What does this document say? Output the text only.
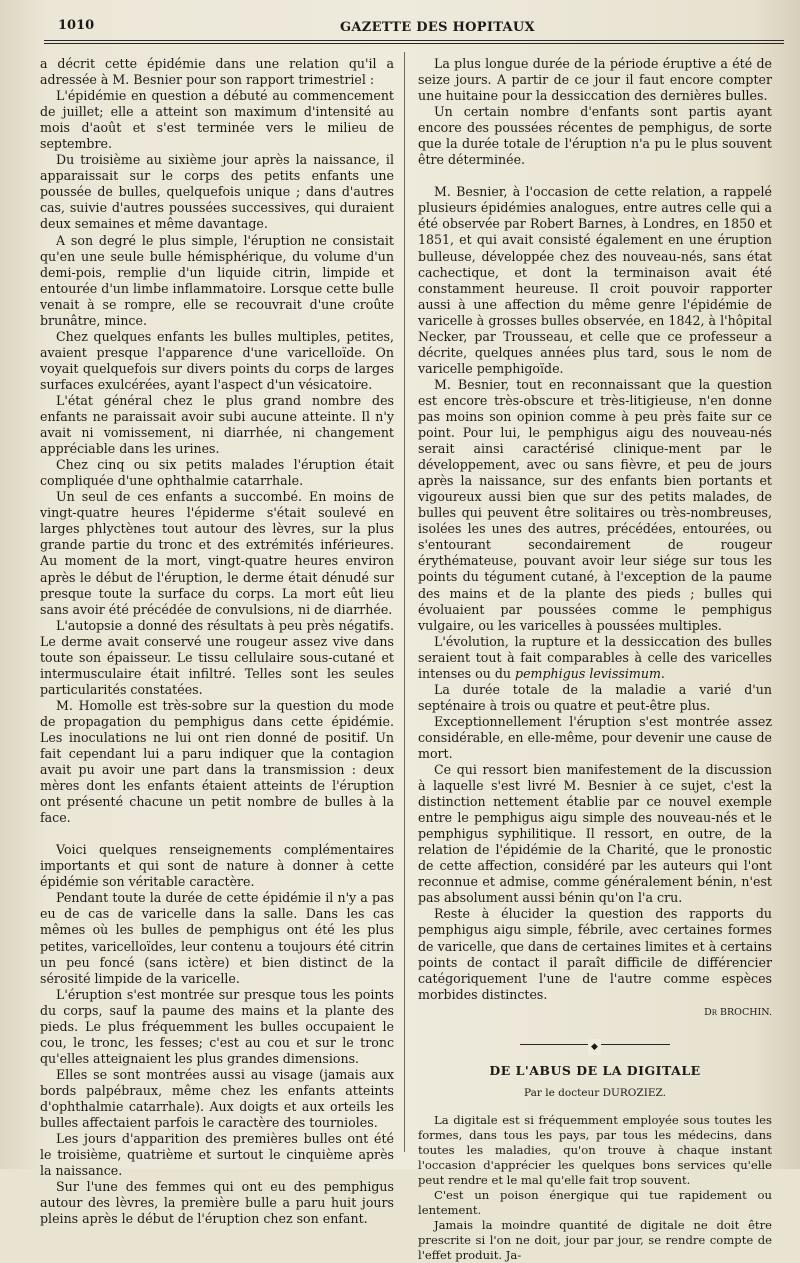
1010	GAZETTE DES HOPITAUX

a décrit cette épidémie dans une relation qu'il a adressée à M. Besnier pour son rapport trimestriel :

L'épidémie en question a débuté au commencement de juillet; elle a atteint son maximum d'intensité au mois d'août et s'est terminée vers le milieu de septembre.

Du troisième au sixième jour après la naissance, il apparaissait sur le corps des petits enfants une poussée de bulles, quelquefois unique ; dans d'autres cas, suivie d'autres poussées successives, qui duraient deux semaines et même davantage.

A son degré le plus simple, l'éruption ne consistait qu'en une seule bulle hémisphérique, du volume d'un demi-pois, remplie d'un liquide citrin, limpide et entourée d'un limbe inflammatoire. Lorsque cette bulle venait à se rompre, elle se recouvrait d'une croûte brunâtre, mince.

Chez quelques enfants les bulles multiples, petites, avaient presque l'apparence d'une varicelloïde. On voyait quelquefois sur divers points du corps de larges surfaces exulcérées, ayant l'aspect d'un vésicatoire.

L'état général chez le plus grand nombre des enfants ne paraissait avoir subi aucune atteinte. Il n'y avait ni vomissement, ni diarrhée, ni changement appréciable dans les urines.

Chez cinq ou six petits malades l'éruption était compliquée d'une ophthalmie catarrhale.

Un seul de ces enfants a succombé. En moins de vingt-quatre heures l'épiderme s'était soulevé en larges phlyctènes tout autour des lèvres, sur la plus grande partie du tronc et des extrémités inférieures. Au moment de la mort, vingt-quatre heures environ après le début de l'éruption, le derme était dénudé sur presque toute la surface du corps. La mort eût lieu sans avoir été précédée de convulsions, ni de diarrhée.

L'autopsie a donné des résultats à peu près négatifs. Le derme avait conservé une rougeur assez vive dans toute son épaisseur. Le tissu cellulaire sous-cutané et intermusculaire était infiltré. Telles sont les seules particularités constatées.

M. Homolle est très-sobre sur la question du mode de propagation du pemphigus dans cette épidémie. Les inoculations ne lui ont rien donné de positif. Un fait cependant lui a paru indiquer que la contagion avait pu avoir une part dans la transmission : deux mères dont les enfants étaient atteints de l'éruption ont présenté chacune un petit nombre de bulles à la face.

Voici quelques renseignements complémentaires importants et qui sont de nature à donner à cette épidémie son véritable caractère.

Pendant toute la durée de cette épidémie il n'y a pas eu de cas de varicelle dans la salle. Dans les cas mêmes où les bulles de pemphigus ont été les plus petites, varicelloïdes, leur contenu a toujours été citrin un peu foncé (sans ictère) et bien distinct de la sérosité limpide de la varicelle.

L'éruption s'est montrée sur presque tous les points du corps, sauf la paume des mains et la plante des pieds. Le plus fréquemment les bulles occupaient le cou, le tronc, les fesses; c'est au cou et sur le tronc qu'elles atteignaient les plus grandes dimensions.

Elles se sont montrées aussi au visage (jamais aux bords palpébraux, même chez les enfants atteints d'ophthalmie catarrhale). Aux doigts et aux orteils les bulles affectaient parfois le caractère des tournioles.

Les jours d'apparition des premières bulles ont été le troisième, quatrième et surtout le cinquième après la naissance.

Sur l'une des femmes qui ont eu des pemphigus autour des lèvres, la première bulle a paru huit jours pleins après le début de l'éruption chez son enfant.

La plus longue durée de la période éruptive a été de seize jours. A partir de ce jour il faut encore compter une huitaine pour la dessiccation des dernières bulles.

Un certain nombre d'enfants sont partis ayant encore des poussées récentes de pemphigus, de sorte que la durée totale de l'éruption n'a pu le plus souvent être déterminée.

M. Besnier, à l'occasion de cette relation, a rappelé plusieurs épidémies analogues, entre autres celle qui a été observée par Robert Barnes, à Londres, en 1850 et 1851, et qui avait consisté également en une éruption bulleuse, développée chez des nouveau-nés, sans état cachectique, et dont la terminaison avait été constamment heureuse. Il croit pouvoir rapporter aussi à une affection du même genre l'épidémie de varicelle à grosses bulles observée, en 1842, à l'hôpital Necker, par Trousseau, et celle que ce professeur a décrite, quelques années plus tard, sous le nom de varicelle pemphigoïde.

M. Besnier, tout en reconnaissant que la question est encore très-obscure et très-litigieuse, n'en donne pas moins son opinion comme à peu près faite sur ce point. Pour lui, le pemphigus aigu des nouveau-nés serait ainsi caractérisé clinique-ment par le développement, avec ou sans fièvre, et peu de jours après la naissance, sur des enfants bien portants et vigoureux aussi bien que sur des petits malades, de bulles qui peuvent être solitaires ou très-nombreuses, isolées les unes des autres, précédées, entourées, ou s'entourant secondairement de rougeur érythémateuse, pouvant avoir leur siége sur tous les points du tégument cutané, à l'exception de la paume des mains et de la plante des pieds ; bulles qui évoluaient par poussées comme le pemphigus vulgaire, ou les varicelles à poussées multiples.

L'évolution, la rupture et la dessiccation des bulles seraient tout à fait comparables à celle des varicelles intenses ou du pemphigus levissimum.

La durée totale de la maladie a varié d'un septénaire à trois ou quatre et peut-être plus.

Exceptionnellement l'éruption s'est montrée assez considérable, en elle-même, pour devenir une cause de mort.

Ce qui ressort bien manifestement de la discussion à laquelle s'est livré M. Besnier à ce sujet, c'est la distinction nettement établie par ce nouvel exemple entre le pemphigus aigu simple des nouveau-nés et le pemphigus syphilitique. Il ressort, en outre, de la relation de l'épidémie de la Charité, que le pronostic de cette affection, considéré par les auteurs qui l'ont reconnue et admise, comme généralement bénin, n'est pas absolument aussi bénin qu'on l'a cru.

Reste à élucider la question des rapports du pemphigus aigu simple, fébrile, avec certaines formes de varicelle, que dans de certaines limites et à certains points de contact il paraît difficile de différencier catégoriquement l'une de l'autre comme espèces morbides distinctes.

Dr BROCHIN.
◆
DE L'ABUS DE LA DIGITALE
Par le docteur DUROZIEZ.

La digitale est si fréquemment employée sous toutes les formes, dans tous les pays, par tous les médecins, dans toutes les maladies, qu'on trouve à chaque instant l'occasion d'apprécier les quelques bons services qu'elle peut rendre et le mal qu'elle fait trop souvent.

C'est un poison énergique qui tue rapidement ou lentement.

Jamais la moindre quantité de digitale ne doit être prescrite si l'on ne doit, jour par jour, se rendre compte de l'effet produit. Ja-
